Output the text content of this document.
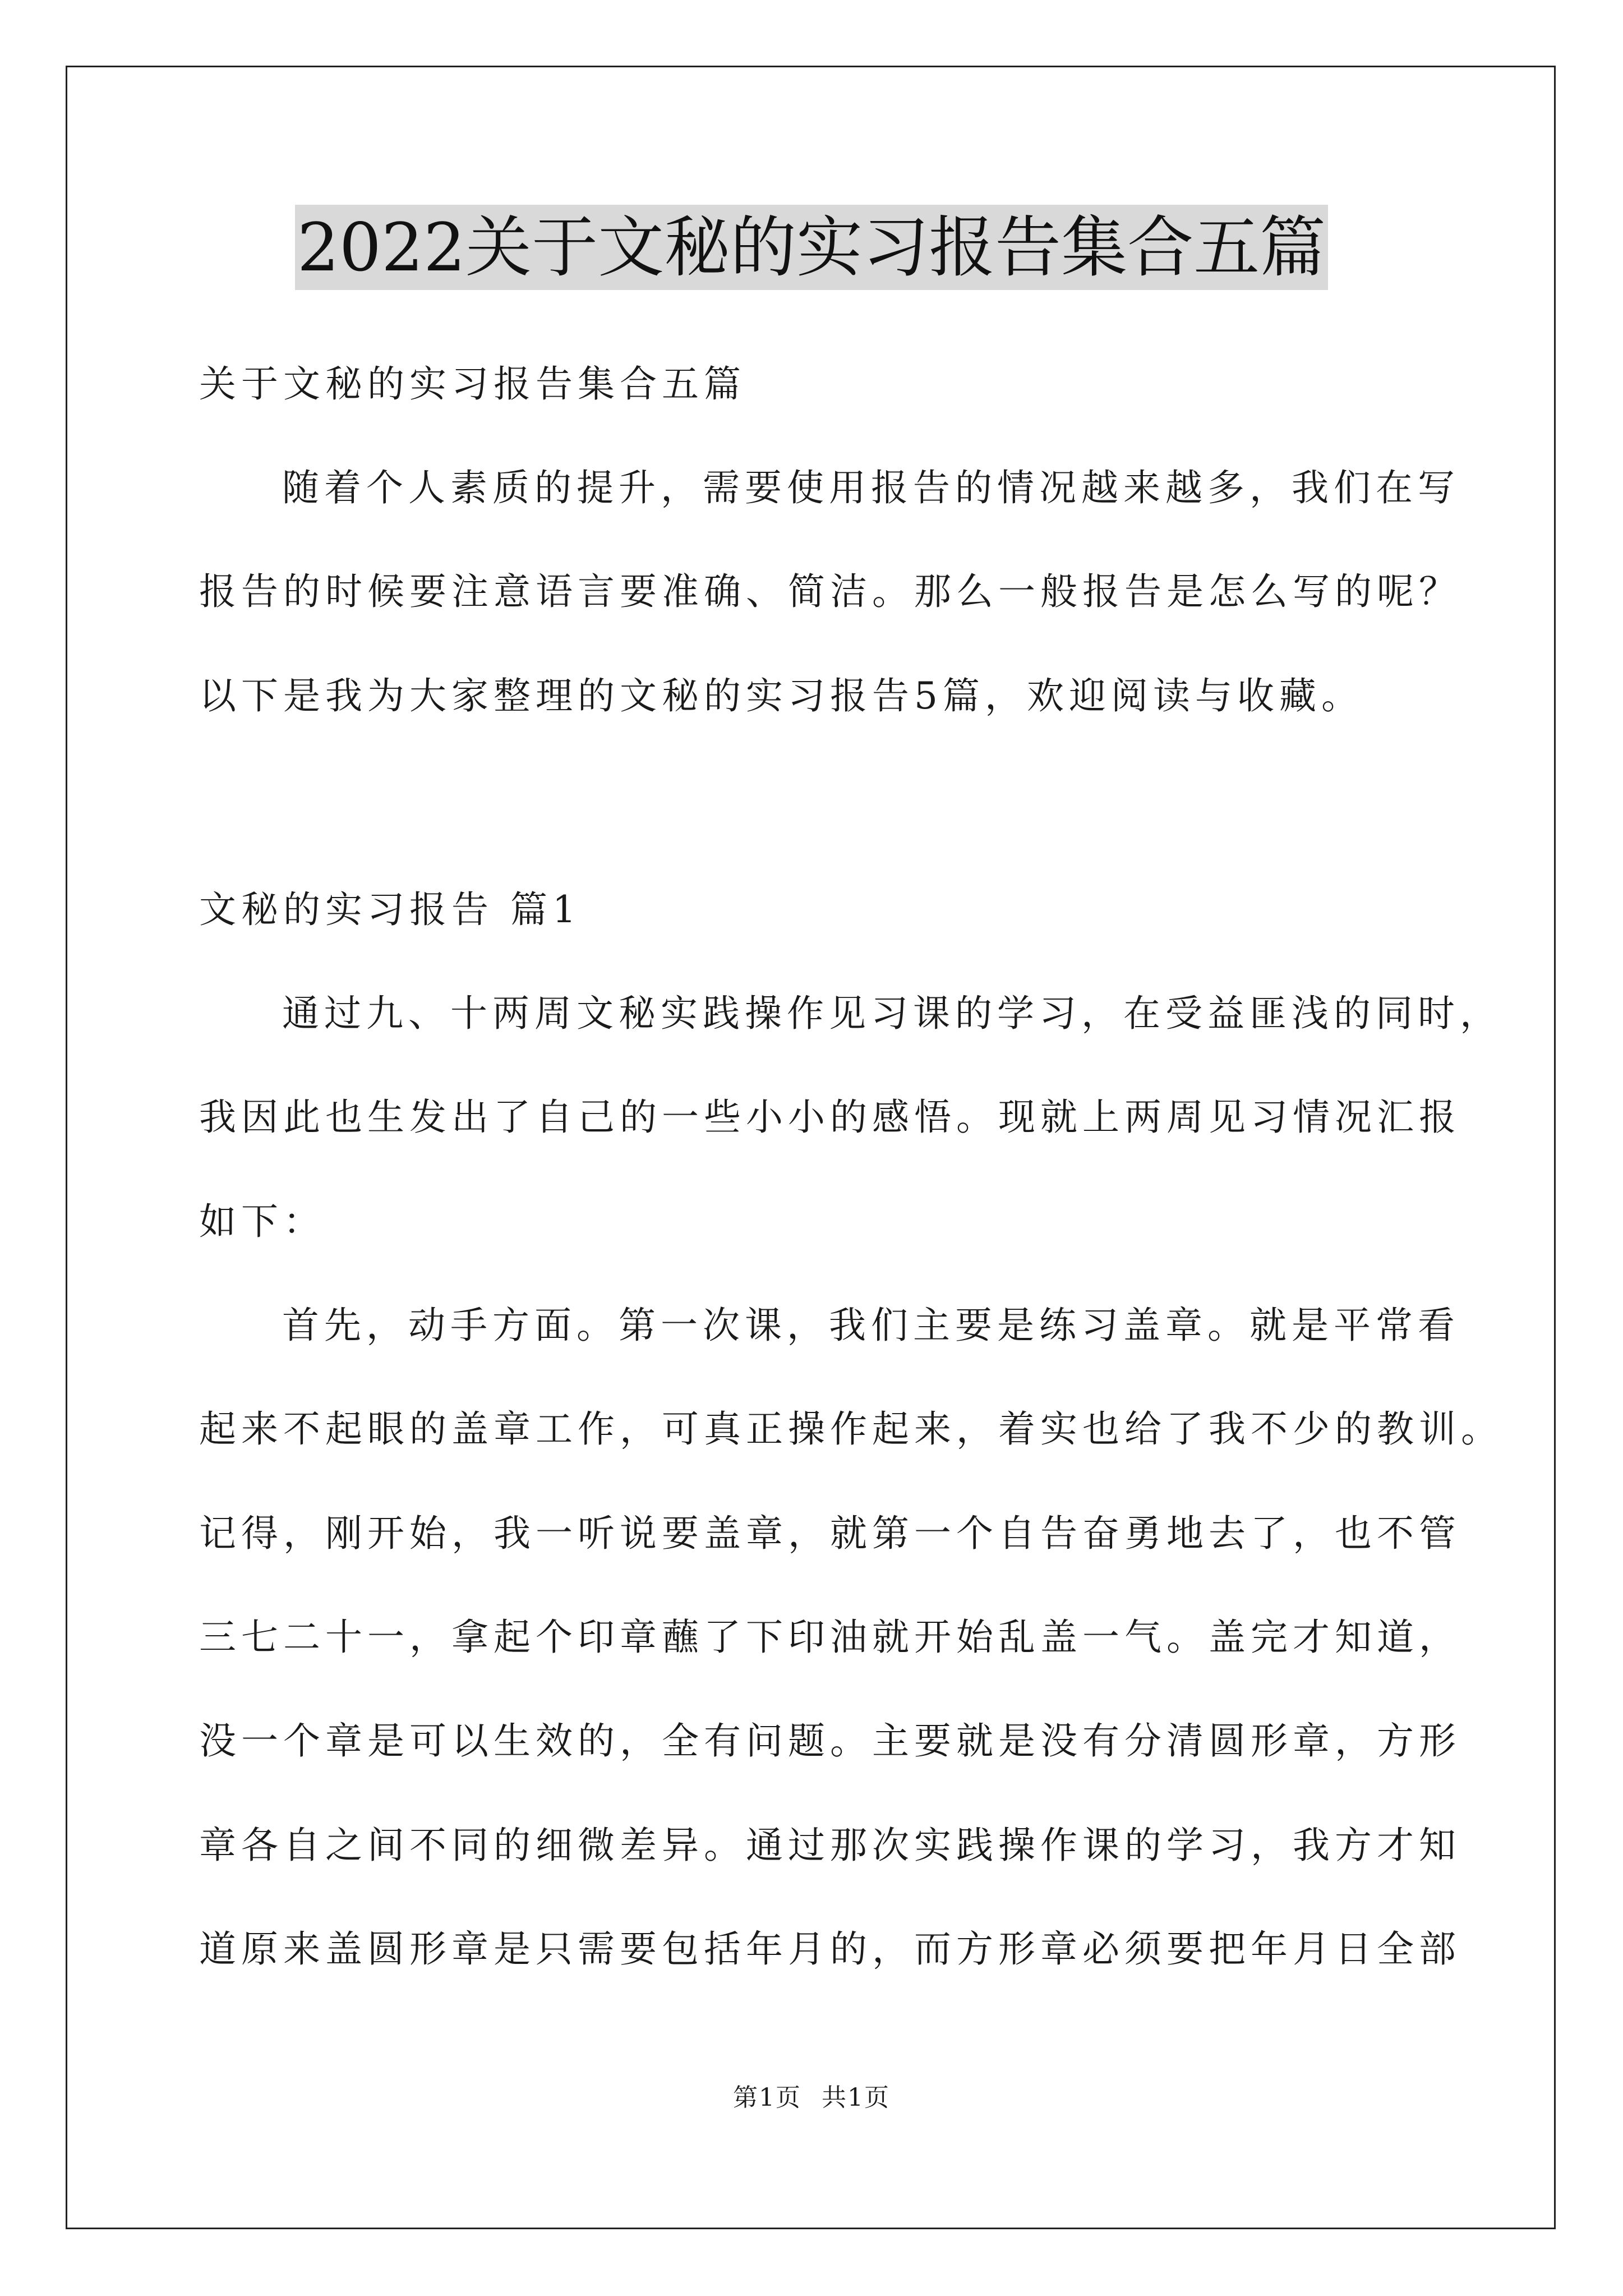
2022关于文秘的实习报告集合五篇
关于文秘的实习报告集合五篇
随着个人素质的提升，需要使用报告的情况越来越多，我们在写
报告的时候要注意语言要准确、简洁。那么一般报告是怎么写的呢？
以下是我为大家整理的文秘的实习报告5篇，欢迎阅读与收藏。
文秘的实习报告 篇1
通过九、十两周文秘实践操作见习课的学习，在受益匪浅的同时，
我因此也生发出了自己的一些小小的感悟。现就上两周见习情况汇报
如下：
首先，动手方面。第一次课，我们主要是练习盖章。就是平常看
起来不起眼的盖章工作，可真正操作起来，着实也给了我不少的教训。
记得，刚开始，我一听说要盖章，就第一个自告奋勇地去了，也不管
三七二十一，拿起个印章蘸了下印油就开始乱盖一气。盖完才知道，
没一个章是可以生效的，全有问题。主要就是没有分清圆形章，方形
章各自之间不同的细微差异。通过那次实践操作课的学习，我方才知
道原来盖圆形章是只需要包括年月的，而方形章必须要把年月日全部
第1页 共1页
